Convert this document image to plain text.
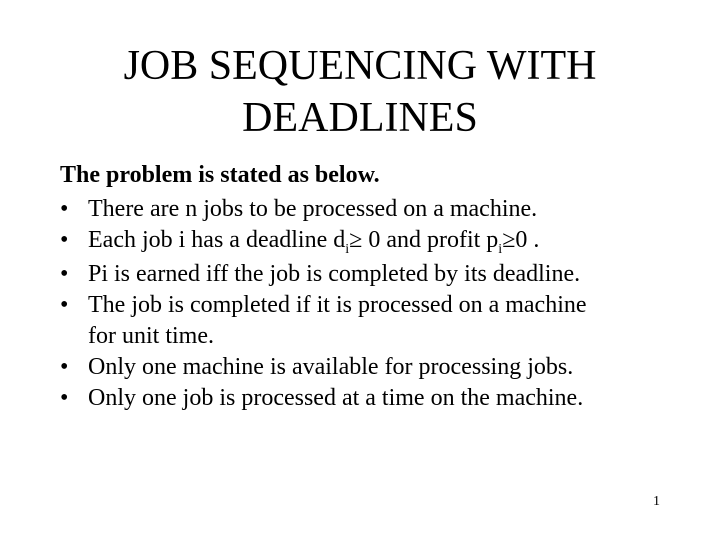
JOB SEQUENCING WITH
DEADLINES
The problem is stated as below.
• There are n jobs to be processed on a machine.
• Each job i has a deadline $d_i\ge 0$ and profit $p_i\ge 0$ .
• Pi is earned iff the job is completed by its deadline.
• The job is completed if it is processed on a machine
for unit time.
• Only one machine is available for processing jobs.
• Only one job is processed at a time on the machine.
1
